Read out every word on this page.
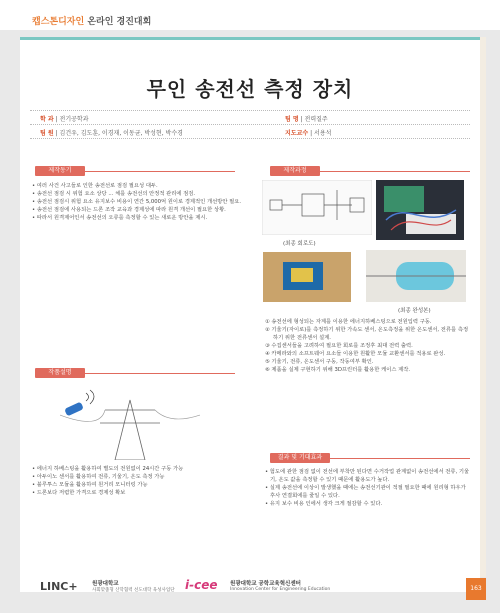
캡스톤디자인 온라인 경진대회
무인 송전선 측정 장치
학 과 | 전기공학과	팀 명 | 전력질주
팀 원 | 김건우, 김도훈, 이경재, 이동균, 박성현, 박수경	지도교수 | 서용석
제작동기
• 여러 사건 사고들로 인한 송전선로 점검 필요성 대두.
• 송전선 점검 시 위험 요소 상당 ... 체를 송전선의 안정적 관리에 점검.
• 송전선 점검시 위험 요소 유지보수 비용이 연간 5,000억 원이로 경제적인 개선방안 필요.
• 송전선 점검에 사용되는 드론 조작 교육과 경제성에 따라 원격 개선이 필요한 상황.
• 따라서 원격제어인서 송전선의 오류를 측정할 수 있는 새로운 방안을 제시.
제작과정
(최종 회로도)
(최종 완성본)
① 송전선에 형성되는 자계를 이용한 에너지하베스팅으로 전원입력 구동.
② 기울기(자이로)를 측정하기 위한 가속도 센서, 온도측정을 위한 온도센서, 전류를 측정하기 위한 전류센서 설계.
③ 수집센서들을 고려하여 필요한 회로를 조정후 최대 전력 출력.
④ 카메라와의 소프트웨어 요소들 이용한 원활한 모듈 교환센서를 적용로 완성.
⑤ 기울기, 전류, 온도센서 구동, 작동여부 확인.
⑥ 제품을 실제 구현하기 위해 3D프린터를 활용한 케이스 제작.
작품설명
• 에너지 하베스팅을 활용하여 별도의 전원없이 24시간 구동 가능
• 아두이노 센서를 활용하여 전류, 기울기, 온도 측정 가능
• 블루투스 모듈을 활용하여 원거리 모니터링 가능
• 드론보다 저렴한 가격으로 경제성 확보
결과 및 기대효과
• 험도에 관한 점검 없이 전선에 부착만 된다면 수거작업 관계없이 송전선에서 전류, 기울기, 온도 값을 측정할 수 있기 때문에 활용도가 높다.
• 실제 송전선에 이상이 발생했을 때에는 송전선기관이 적절 필요한 때에 원리형 하우가 후사 연결회에를 줄일 수 있다.
• 유지 보수 비용 인에서 생각 크게 절감할 수 있다.
LINC+	원광대학교
사회맞춤형 산학협력 선도대학 육성사업단 i-cee 원광대학교 공학교육혁신센터
Innovation Center for Engineering Education	163
